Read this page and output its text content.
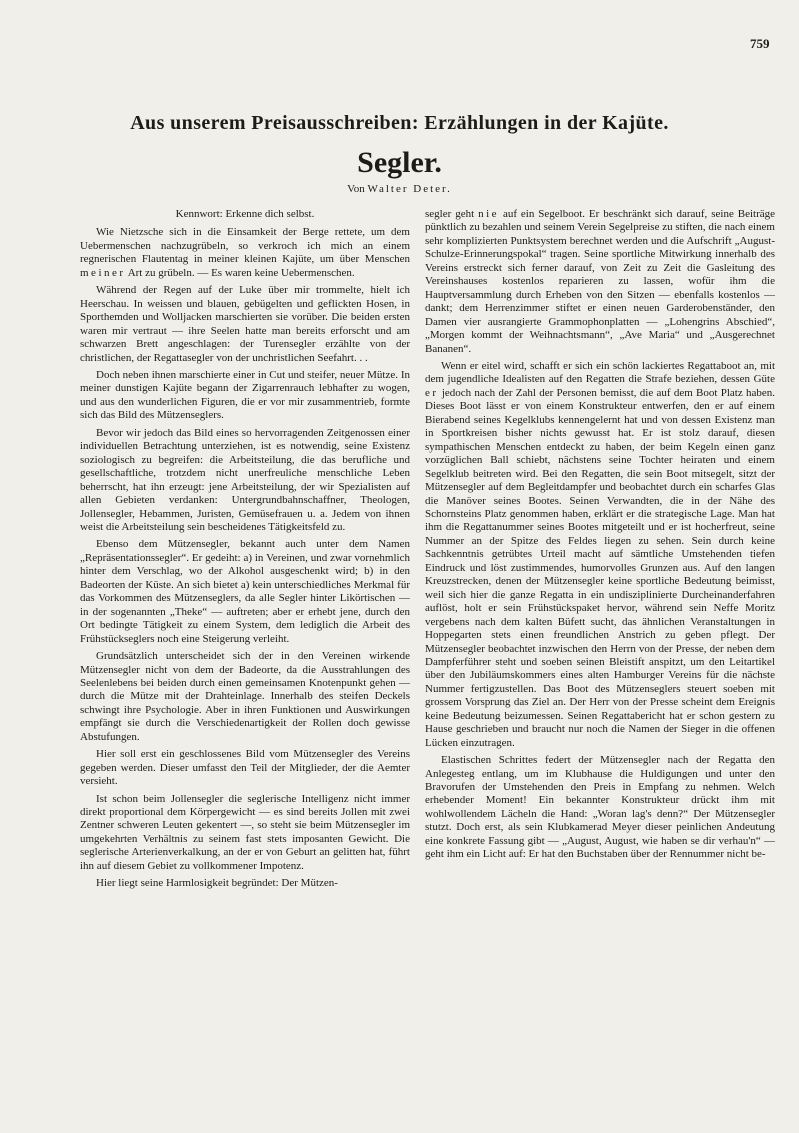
759
Aus unserem Preisausschreiben: Erzählungen in der Kajüte.
Segler.
Von Walter Deter.
Kennwort: Erkenne dich selbst.

Wie Nietzsche sich in die Einsamkeit der Berge rettete, um dem Uebermenschen nachzugrübeln, so verkroch ich mich an einem regnerischen Flautentag in meiner kleinen Kajüte, um über Menschen meiner Art zu grübeln. — Es waren keine Uebermenschen.

Während der Regen auf der Luke über mir trommelte, hielt ich Heerschau. In weissen und blauen, gebügelten und geflickten Hosen, in Sporthemden und Wolljacken marschierten sie vorüber. Die beiden ersten waren mir vertraut — ihre Seelen hatte man bereits erforscht und am schwarzen Brett angeschlagen: der Turensegler erzählte von der christlichen, der Regattasegler von der unchristlichen Seefahrt. . .

Doch neben ihnen marschierte einer in Cut und steifer, neuer Mütze. In meiner dunstigen Kajüte begann der Zigarrenrauch lebhafter zu wogen, und aus den wunderlichen Figuren, die er vor mir zusammentrieb, formte sich das Bild des Mützenseglers.

Bevor wir jedoch das Bild eines so hervorragenden Zeitgenossen einer individuellen Betrachtung unterziehen, ist es notwendig, seine Existenz soziologisch zu begreifen: die Arbeitsteilung, die das berufliche und gesellschaftliche, trotzdem nicht unerfreuliche menschliche Leben beherrscht, hat ihn erzeugt: jene Arbeitsteilung, der wir Spezialisten auf allen Gebieten verdanken: Untergrundbahnschaffner, Theologen, Jollensegler, Hebammen, Juristen, Gemüsefrauen u. a. Jedem von ihnen weist die Arbeitsteilung sein bescheidenes Tätigkeitsfeld zu.

Ebenso dem Mützensegler, bekannt auch unter dem Namen „Repräsentationssegler“. Er gedeiht: a) in Vereinen, und zwar vornehmlich hinter dem Verschlag, wo der Alkohol ausgeschenkt wird; b) in den Badeorten der Küste. An sich bietet a) kein unterschiedliches Merkmal für das Vorkommen des Mützenseglers, da alle Segler hinter Likörtischen — in der sogenannten „Theke“ — auftreten; aber er erhebt jene, durch den Ort bedingte Tätigkeit zu einem System, dem lediglich die Arbeit des Frühstückseglers noch eine Steigerung verleiht.

Grundsätzlich unterscheidet sich der in den Vereinen wirkende Mützensegler nicht von dem der Badeorte, da die Ausstrahlungen des Seelenlebens bei beiden durch einen gemeinsamen Knotenpunkt gehen — durch die Mütze mit der Drahteinlage. Innerhalb des steifen Deckels schwingt ihre Psychologie. Aber in ihren Funktionen und Auswirkungen empfängt sie durch die Verschiedenartigkeit der Rollen doch gewisse Abstufungen.

Hier soll erst ein geschlossenes Bild vom Mützensegler des Vereins gegeben werden. Dieser umfasst den Teil der Mitglieder, der die Aemter versieht.

Ist schon beim Jollensegler die seglerische Intelligenz nicht immer direkt proportional dem Körpergewicht — es sind bereits Jollen mit zwei Zentner schweren Leuten gekentert —, so steht sie beim Mützensegler im umgekehrten Verhältnis zu seinem fast stets imposanten Gewicht. Die seglerische Arterienverkalkung, an der er von Geburt an gelitten hat, führt ihn auf diesem Gebiet zu vollkommener Impotenz.

Hier liegt seine Harmlosigkeit begründet: Der Mützen-

segler geht nie auf ein Segelboot. Er beschränkt sich darauf, seine Beiträge pünktlich zu bezahlen und seinem Verein Segelpreise zu stiften, die nach einem sehr komplizierten Punktsystem berechnet werden und die Aufschrift „August-Schulze-Erinnerungspokal“ tragen. Seine sportliche Mitwirkung innerhalb des Vereins erstreckt sich ferner darauf, von Zeit zu Zeit die Gasleitung des Vereinshauses kostenlos reparieren zu lassen, wofür ihm die Hauptversammlung durch Erheben von den Sitzen — ebenfalls kostenlos — dankt; dem Herrenzimmer stiftet er einen neuen Garderobenständer, den Damen vier ausrangierte Grammophonplatten — „Lohengrins Abschied“, „Morgen kommt der Weihnachtsmann“, „Ave Maria“ und „Ausgerechnet Bananen“.

Wenn er eitel wird, schafft er sich ein schön lackiertes Regattaboot an, mit dem jugendliche Idealisten auf den Regatten die Strafe beziehen, dessen Güte er jedoch nach der Zahl der Personen bemisst, die auf dem Boot Platz haben. Dieses Boot lässt er von einem Konstrukteur entwerfen, den er auf einem Bierabend seines Kegelklubs kennengelernt hat und von dessen Existenz man in Sportkreisen bisher nichts gewusst hat. Er ist stolz darauf, diesen sympathischen Menschen entdeckt zu haben, der beim Kegeln einen ganz vorzüglichen Ball schiebt, nächstens seine Tochter heiraten und einem Segelklub beitreten wird. Bei den Regatten, die sein Boot mitsegelt, sitzt der Mützensegler auf dem Begleitdampfer und beobachtet durch ein scharfes Glas die Manöver seines Bootes. Seinen Verwandten, die in der Nähe des Schornsteins Platz genommen haben, erklärt er die strategische Lage. Man hat ihm die Regattanummer seines Bootes mitgeteilt und er ist hocherfreut, seine Nummer an der Spitze des Feldes liegen zu sehen. Sein durch keine Sachkenntnis getrübtes Urteil macht auf sämtliche Umstehenden tiefen Eindruck und löst zustimmendes, humorvolles Grunzen aus. Auf den langen Kreuzstrecken, denen der Mützensegler keine sportliche Bedeutung beimisst, weil sich hier die ganze Regatta in ein undisziplinierte Durcheinanderfahren auflöst, holt er sein Frühstückspaket hervor, während sein Neffe Moritz vergebens nach dem kalten Büfett sucht, das ähnlichen Veranstaltungen in Hoppegarten stets einen freundlichen Anstrich zu geben pflegt. Der Mützensegler beobachtet inzwischen den Herrn von der Presse, der neben dem Dampferführer steht und soeben seinen Bleistift anspitzt, um den Leitartikel über den Jubiläumskommers eines alten Hamburger Vereins für die nächste Nummer fertigzustellen. Das Boot des Mützenseglers steuert soeben mit grossem Vorsprung das Ziel an. Der Herr von der Presse scheint dem Ereignis keine Bedeutung beizumessen. Seinen Regattabericht hat er schon gestern zu Hause geschrieben und braucht nur noch die Namen der Sieger in die offenen Lücken einzutragen.

Elastischen Schrittes federt der Mützensegler nach der Regatta den Anlegesteg entlang, um im Klubhause die Huldigungen und unter den Bravorufen der Umstehenden den Preis in Empfang zu nehmen. Welch erhebender Moment! Ein bekannter Konstrukteur drückt ihm mit wohlwollendem Lächeln die Hand: „Woran lag's denn?“ Der Mützensegler stutzt. Doch erst, als sein Klubkamerad Meyer dieser peinlichen Andeutung eine konkrete Fassung gibt — „August, August, wie haben se dir verhau'n“ — geht ihm ein Licht auf: Er hat den Buchstaben über der Rennummer nicht be-
